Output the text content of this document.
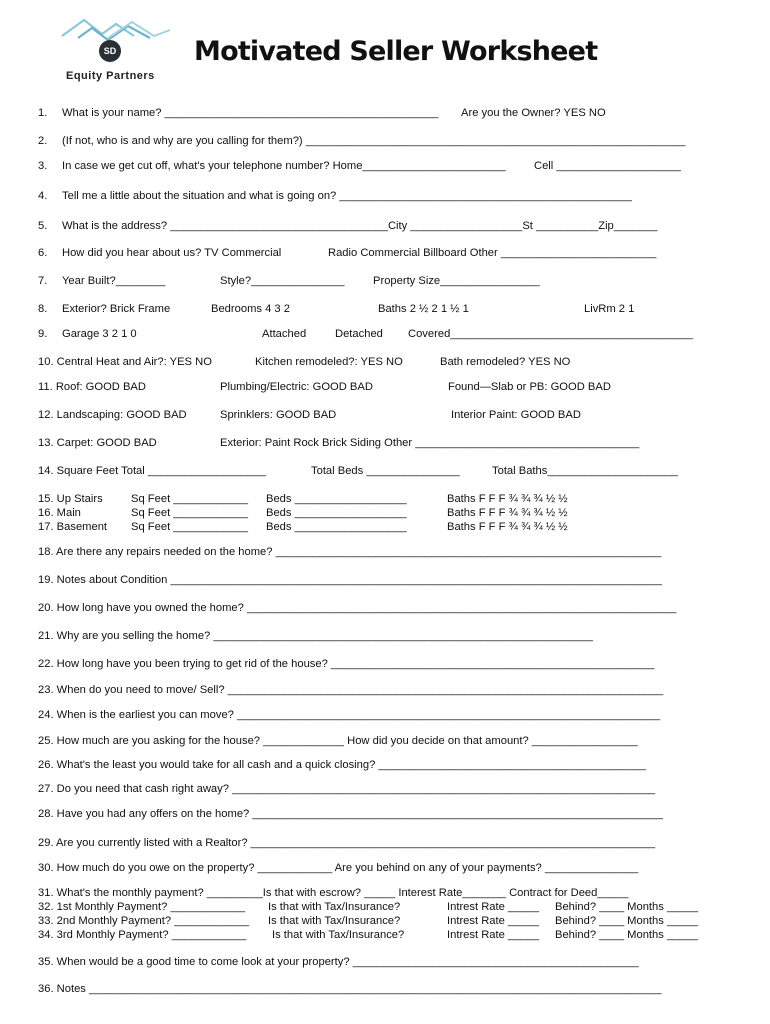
SD
Equity Partners
Motivated Seller Worksheet
1. What is your name? ____________________________________________ Are you the Owner? YES NO
2. (If not, who is and why are you calling for them?) _____________________________________________________________
3. In case we get cut off, what's your telephone number? Home_______________________	Cell ____________________
4. Tell me a little about the situation and what is going on? _______________________________________________
5. What is the address? ___________________________________City __________________St __________Zip_______
6. How did you hear about us? TV Commercial	Radio Commercial Billboard Other _________________________
7. Year Built?________	Style?_______________	Property Size________________
8. Exterior? Brick Frame	Bedrooms 4 3 2	Baths 2 ½ 2 1 ½ 1	LivRm 2 1
9. Garage 3 2 1 0	Attached	Detached Covered_______________________________________
10. Central Heat and Air?: YES NO	Kitchen remodeled?: YES NO	Bath remodeled? YES NO
11. Roof: GOOD BAD	Plumbing/Electric: GOOD BAD	Found—Slab or PB: GOOD BAD
12. Landscaping: GOOD BAD	Sprinklers: GOOD BAD	Interior Paint: GOOD BAD
13. Carpet: GOOD BAD	Exterior: Paint Rock Brick Siding Other ____________________________________
14. Square Feet Total ___________________	Total Beds _______________	Total Baths_____________________
15. Up Stairs	Sq Feet ____________ Beds __________________	Baths F F F ¾ ¾ ¾ ½ ½
16. Main	Sq Feet ____________ Beds __________________	Baths F F F ¾ ¾ ¾ ½ ½
17. Basement Sq Feet ____________ Beds __________________	Baths F F F ¾ ¾ ¾ ½ ½
18. Are there any repairs needed on the home? ______________________________________________________________
19. Notes about Condition _______________________________________________________________________________
20. How long have you owned the home? _____________________________________________________________________
21. Why are you selling the home? _____________________________________________________________
22. How long have you been trying to get rid of the house? ____________________________________________________
23. When do you need to move/ Sell? ______________________________________________________________________
24. When is the earliest you can move? ____________________________________________________________________
25. How much are you asking for the house? _____________ How did you decide on that amount? _________________
26. What's the least you would take for all cash and a quick closing? ___________________________________________
27. Do you need that cash right away? ____________________________________________________________________
28. Have you had any offers on the home? __________________________________________________________________
29. Are you currently listed with a Realtor? _________________________________________________________________
30. How much do you owe on the property? ____________ Are you behind on any of your payments? _______________
31. What's the monthly payment? _________Is that with escrow? _____ Interest Rate_______ Contract for Deed_____
32. 1st Monthly Payment? ____________ Is that with Tax/Insurance?	Intrest Rate _____ Behind? ____ Months _____
33. 2nd Monthly Payment? ____________ Is that with Tax/Insurance?	Intrest Rate _____ Behind? ____ Months _____
34. 3rd Monthly Payment? ____________ Is that with Tax/Insurance?	Intrest Rate _____ Behind? ____ Months _____
35. When would be a good time to come look at your property? ______________________________________________
36. Notes ____________________________________________________________________________________________
